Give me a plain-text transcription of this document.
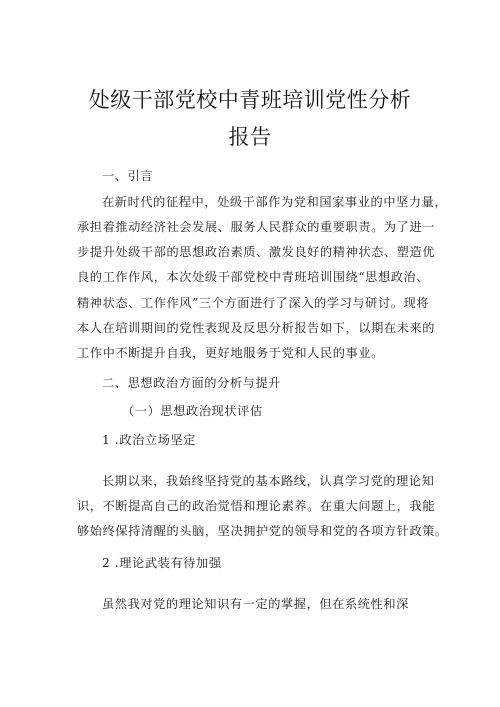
处级干部党校中青班培训党性分析
报告
一、引言
在新时代的征程中，处级干部作为党和国家事业的中坚力量，
承担着推动经济社会发展、服务人民群众的重要职责。为了进一
步提升处级干部的思想政治素质、激发良好的精神状态、塑造优
良的工作作风，本次处级干部党校中青班培训围绕“思想政治、
精神状态、工作作风”三个方面进行了深入的学习与研讨。现将
本人在培训期间的党性表现及反思分析报告如下，以期在未来的
工作中不断提升自我，更好地服务于党和人民的事业。
二、思想政治方面的分析与提升
（一）思想政治现状评估
1 .政治立场坚定
长期以来，我始终坚持党的基本路线，认真学习党的理论知
识，不断提高自己的政治觉悟和理论素养。在重大问题上，我能
够始终保持清醒的头脑，坚决拥护党的领导和党的各项方针政策。
2 .理论武装有待加强
虽然我对党的理论知识有一定的掌握，但在系统性和深
